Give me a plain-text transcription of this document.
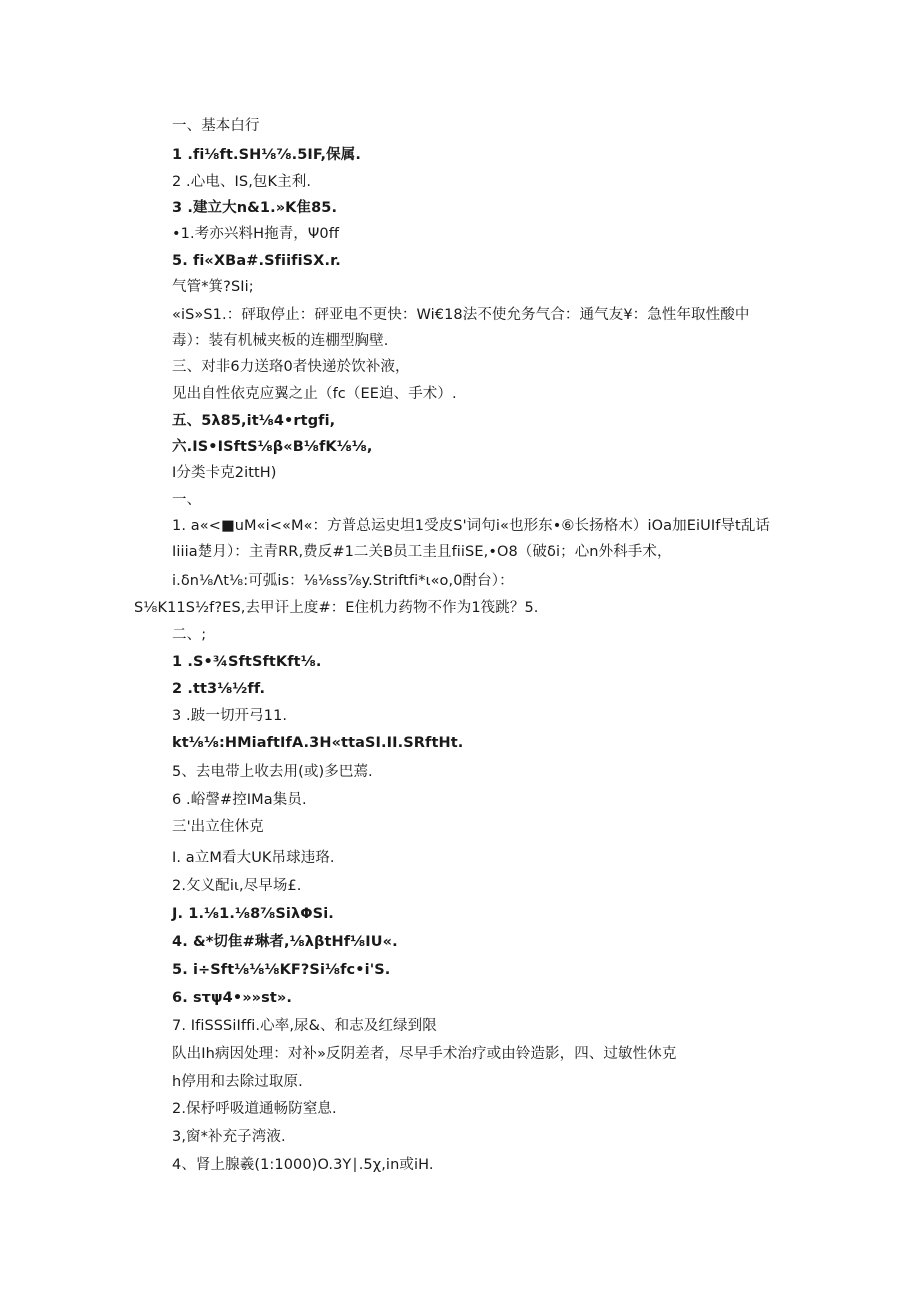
一、基本白行
1 .fi⅛ft.SH⅛⅞.5IF,保属.
2 .心电、IS,包K主利.
3 .建立大n&1.»K隹85.
•1.考亦兴料H拖青，Ψ0ff
5. fi«XBa#.SfiifiSX.r.
气管*箕?SIi;
«iS»S1.：砰取停止：砰亚电不更快：Wi€18法不使允务气合：通气友¥：急性年取性酸中毒）：装有机械夹板的连棚型胸壁.
三、对非6力送珞0者快递於饮补液，
见出自性依克应翼之止（fc（EE迫、手术）.
五、5λ85,it⅛4•rtgfi,
六.IS•ISftS⅛β«B⅛fK⅛⅛,
I分类卡克2ittH)
一、
1. a«<■uM«ⅰ<«M«：方普总运史坦1受皮S'词句i«也形东•⑥长扬格木）ⅰOa加EiUIf导t乱话Iiiia楚月）：主青RR,费反#1二关B员工圭且fiiSE,•O8（破δi；心n外科手术，
i.δn⅛Λt⅛:可弧is：⅛⅛ss⅞y.Striftfi*ι«o,0酎台）：
S⅛K11S½f?ES,去甲讦上度#：E住机力药物不作为1筏跳？5.
二、;
1 .S•¾SftSftKft⅛.
2 .tt3⅛½ff.
3 .跛一切开弓11.
kt⅛⅛:HMiaftIfA.3H«ttaSI.II.SRftHt.
5、去电带上收去用(或)多巴蔫.
6 .峪謦#控IMa集员.
三'出立住休克
I. a立M看大UK吊球违珞.
2.攵义配iι,尽早场£.
J. 1.⅛1.⅛8⅞SiλΦSi.
4. &*切隹#琳者,⅛λβtHf⅛IU«.
5. i÷Sft⅛⅛⅛KF?Si⅛fc•i'S.
6. sτψ4•»»st».
7. IfiSSSiIffi.心率,尿&、和志及红绿到限
队出Ih病因处理：对补»反阴差者，尽早手术治疗或由铃造影，四、过敏性休克
h停用和去除过取原.
2.保杼呼吸道通畅防窒息.
3,窗*补充子湾液.
4、肾上腺羲(1:1000)O.3Y∣.5χ,in或iH.
